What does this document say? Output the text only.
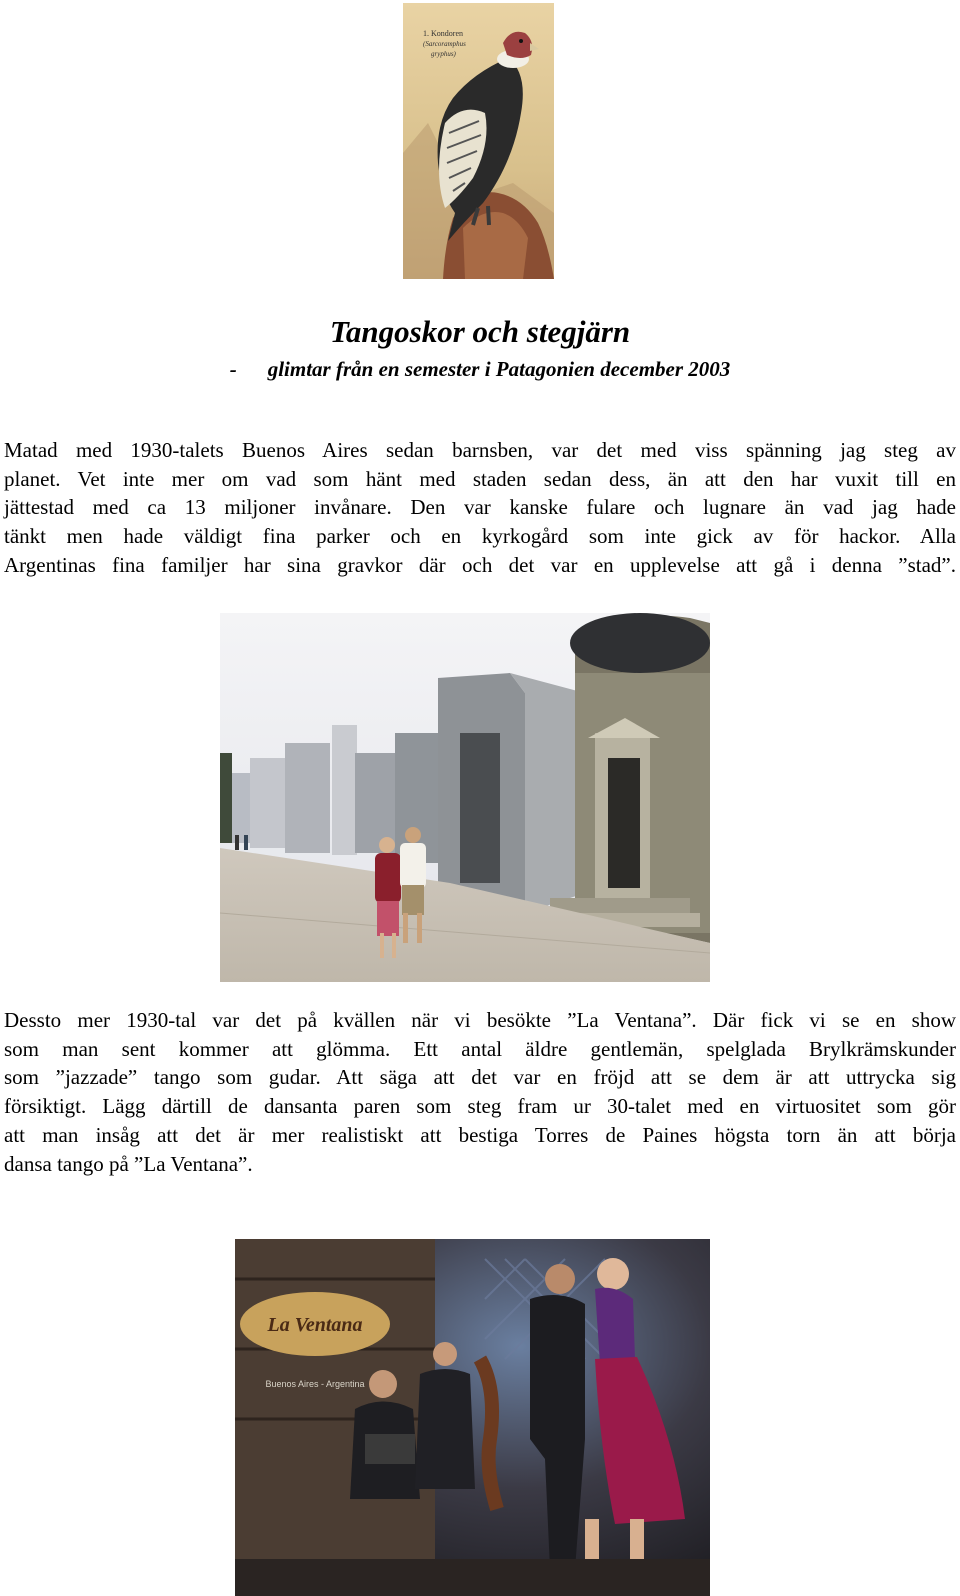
1. Kondoren
(Sarcoramphus
gryphus)
Tangoskor och stegjärn
- glimtar från en semester i Patagonien december 2003

Matad med 1930-talets Buenos Aires sedan barnsben, var det med viss spänning jag steg av
planet. Vet inte mer om vad som hänt med staden sedan dess, än att den har vuxit till en
jättestad med ca 13 miljoner invånare. Den var kanske fulare och lugnare än vad jag hade
tänkt men hade väldigt fina parker och en kyrkogård som inte gick av för hackor. Alla
Argentinas fina familjer har sina gravkor där och det var en upplevelse att gå i denna ”stad”.

Dessto mer 1930-tal var det på kvällen när vi besökte ”La Ventana”. Där fick vi se en show
som man sent kommer att glömma. Ett antal äldre gentlemän, spelglada Brylkrämskunder
som ”jazzade” tango som gudar. Att säga att det var en fröjd att se dem är att uttrycka sig
försiktigt. Lägg därtill de dansanta paren som steg fram ur 30-talet med en virtuositet som gör
att man insåg att det är mer realistiskt att bestiga Torres de Paines högsta torn än att börja
dansa tango på ”La Ventana”.

La Ventana
Buenos Aires - Argentina
